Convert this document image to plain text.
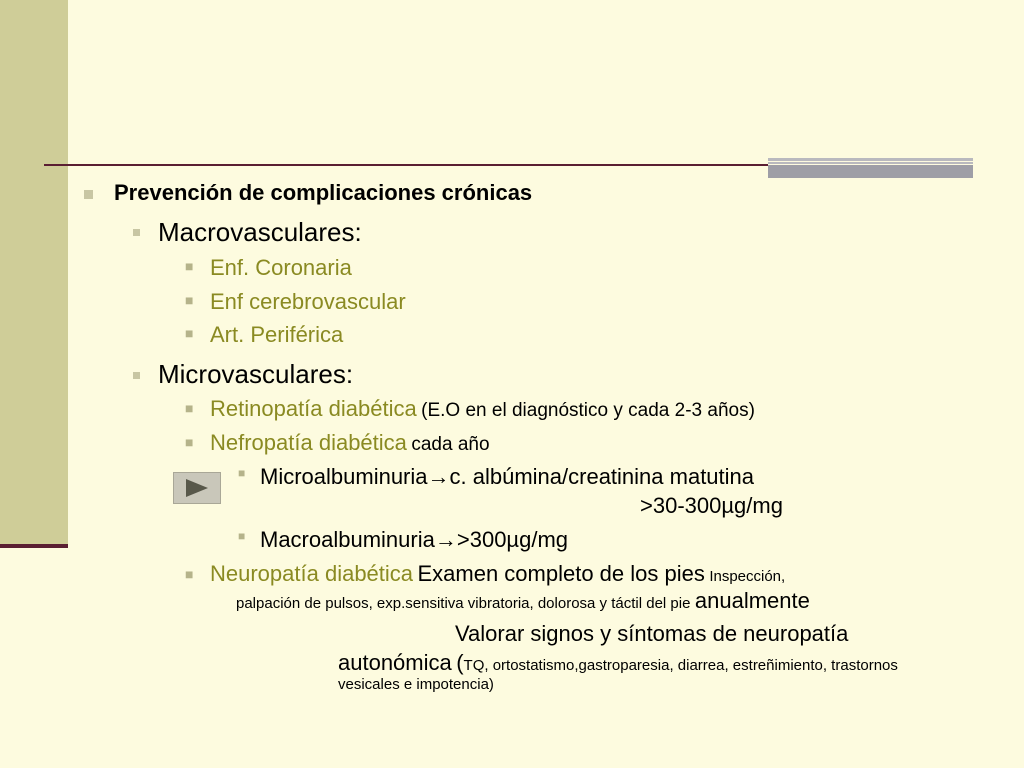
Prevención de complicaciones crónicas
Macrovasculares:
■ Enf. Coronaria
■ Enf cerebrovascular
■ Art. Periférica
Microvasculares:
■ Retinopatía diabética (E.O en el diagnóstico y cada 2-3 años)
■ Nefropatía diabética cada año
■ Microalbuminuria→c. albúmina/creatinina matutina
>30-300µg/mg
■ Macroalbuminuria→>300µg/mg
■ Neuropatía diabética Examen completo de los pies Inspección,
palpación de pulsos, exp.sensitiva vibratoria, dolorosa y táctil del pie anualmente
Valorar signos y síntomas de neuropatía
autonómica (TQ, ortostatismo,gastroparesia, diarrea, estreñimiento, trastornos
vesicales e impotencia)
